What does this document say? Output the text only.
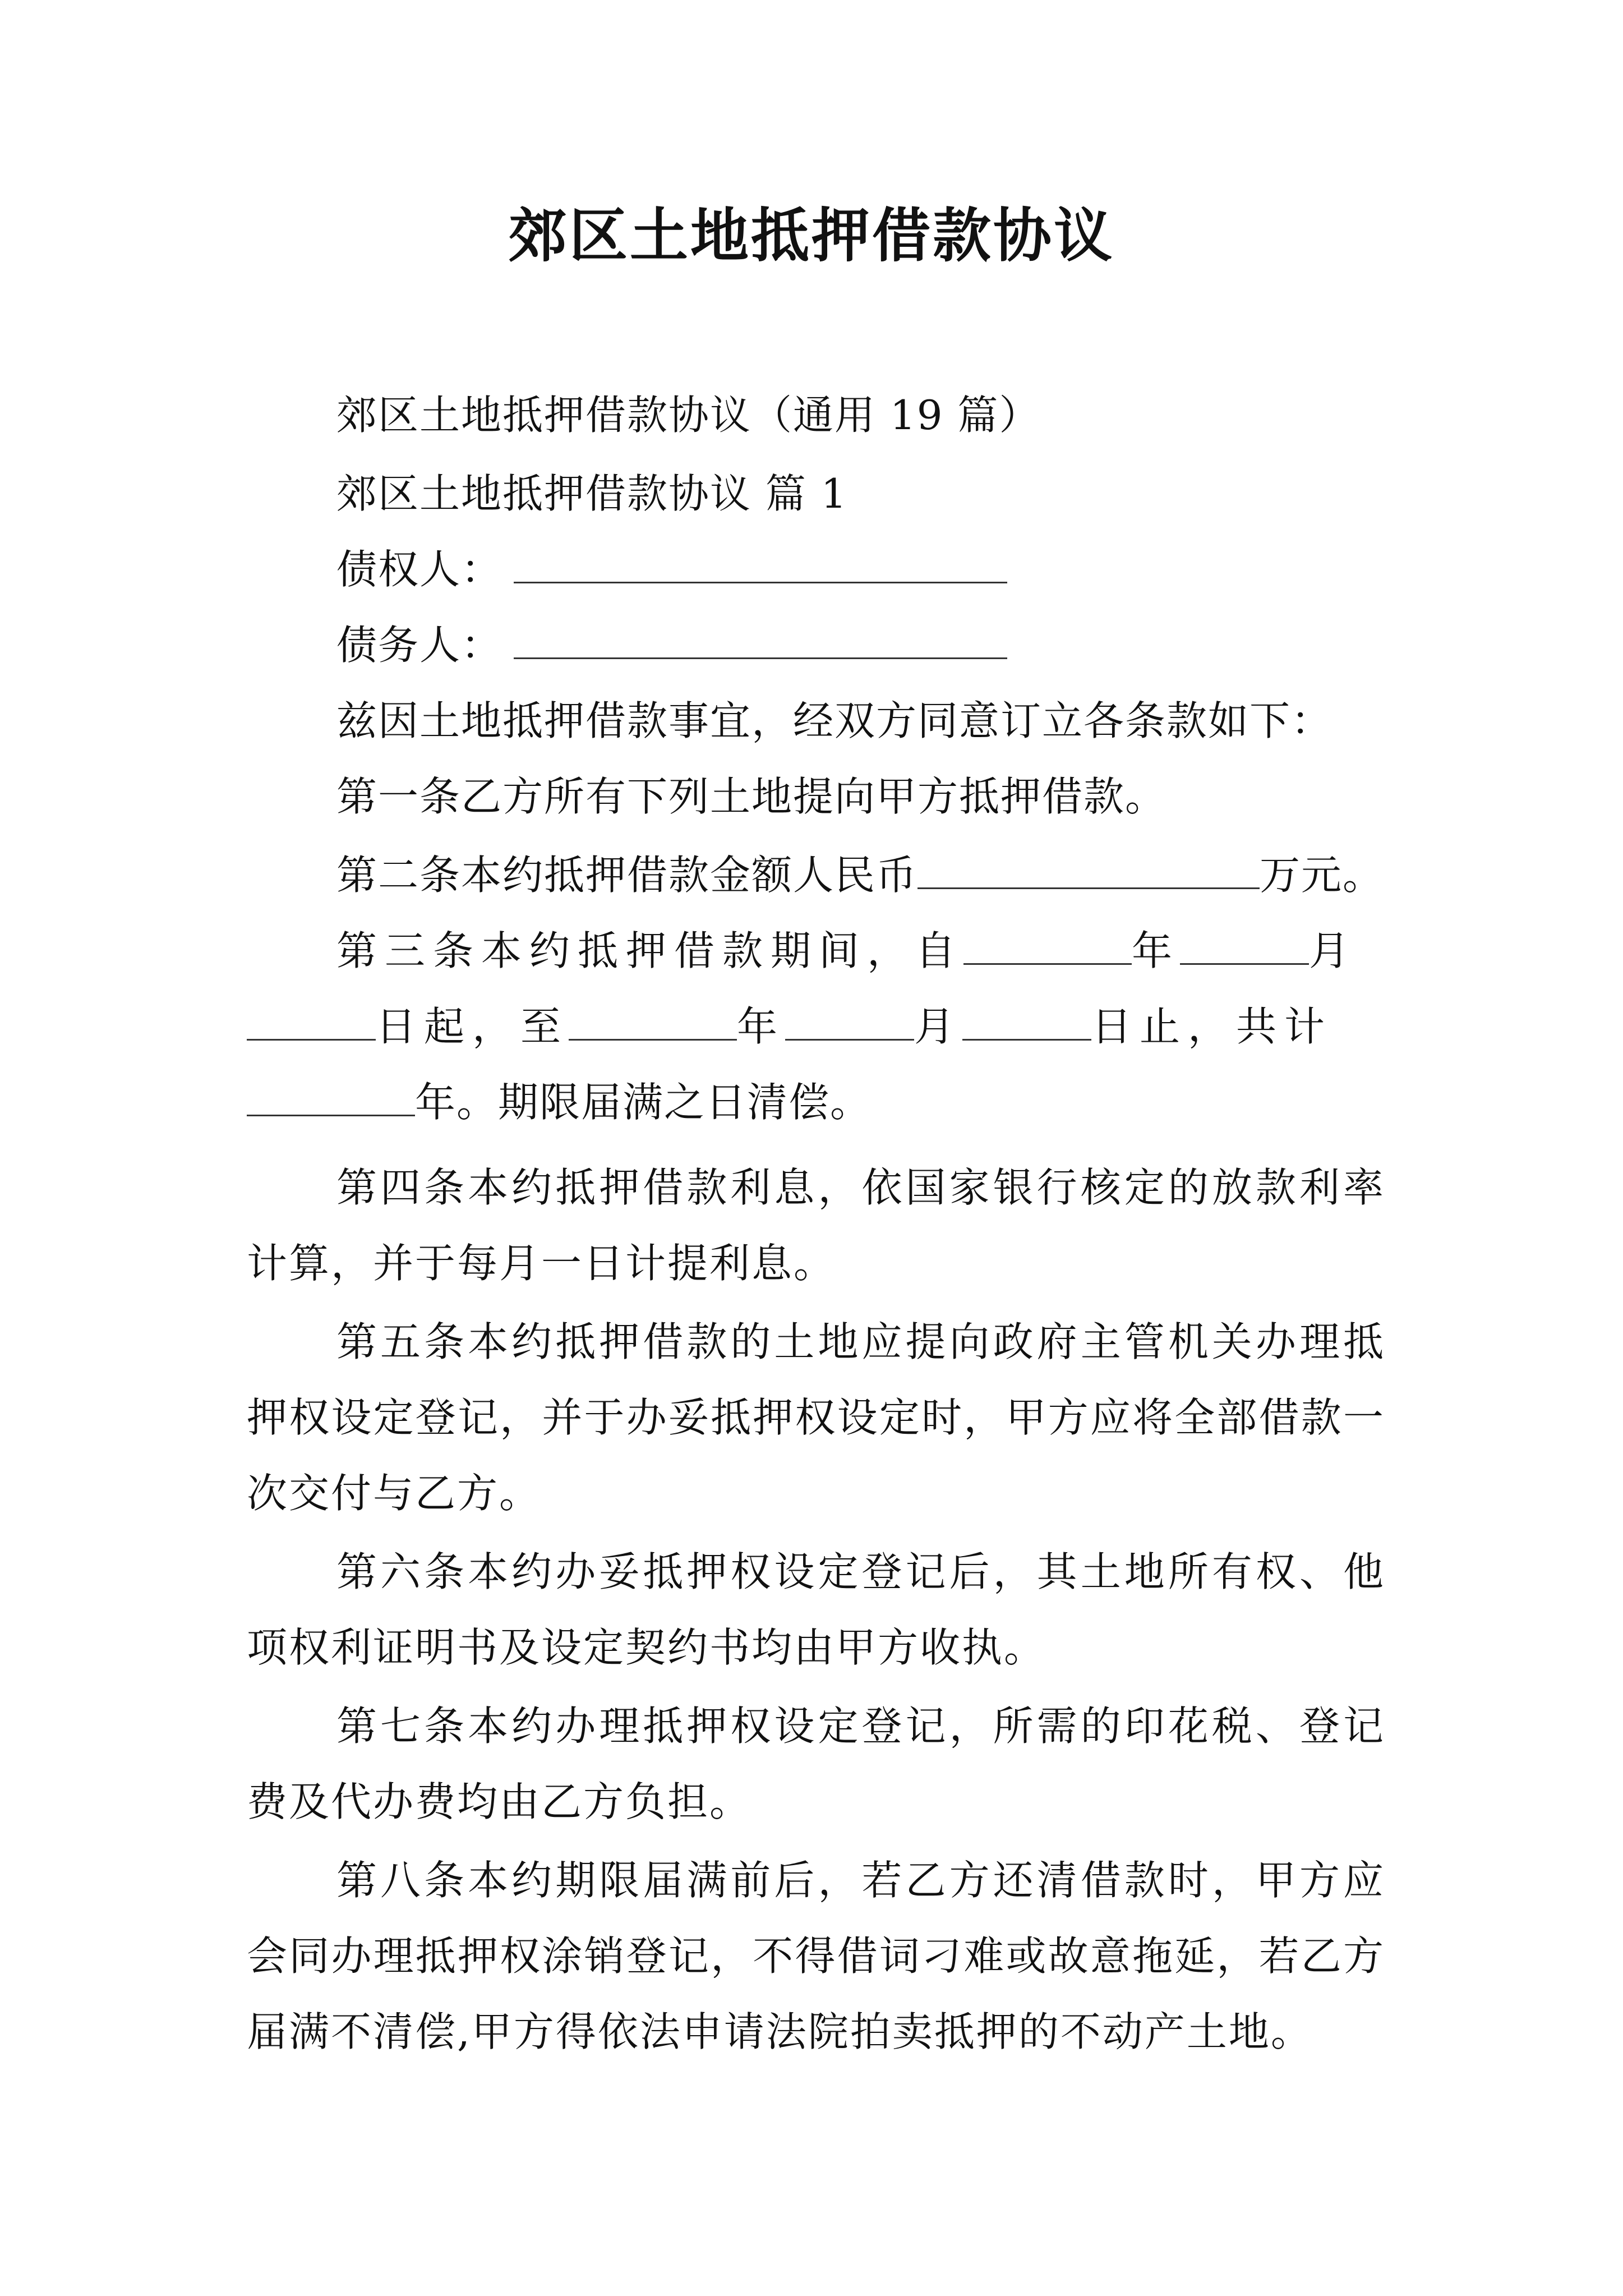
郊区土地抵押借款协议
郊区土地抵押借款协议（通用 19 篇）
郊区土地抵押借款协议 篇 1
债权人：
债务人：
兹因土地抵押借款事宜，经双方同意订立各条款如下：
第一条乙方所有下列土地提向甲方抵押借款。
第二条本约抵押借款金额人民币	万元。
第三条本约抵押借款期间，自	年	月
日起，至	年	月	日止，共计
年。期限届满之日清偿。
第四条本约抵押借款利息，依国家银行核定的放款利率计算，并于每月一日计提利息。
第五条本约抵押借款的土地应提向政府主管机关办理抵押权设定登记，并于办妥抵押权设定时，甲方应将全部借款一次交付与乙方。
第六条本约办妥抵押权设定登记后，其土地所有权、他项权利证明书及设定契约书均由甲方收执。
第七条本约办理抵押权设定登记，所需的印花税、登记费及代办费均由乙方负担。
第八条本约期限届满前后，若乙方还清借款时，甲方应会同办理抵押权涂销登记，不得借词刁难或故意拖延，若乙方届满不清偿,甲方得依法申请法院拍卖抵押的不动产土地。
